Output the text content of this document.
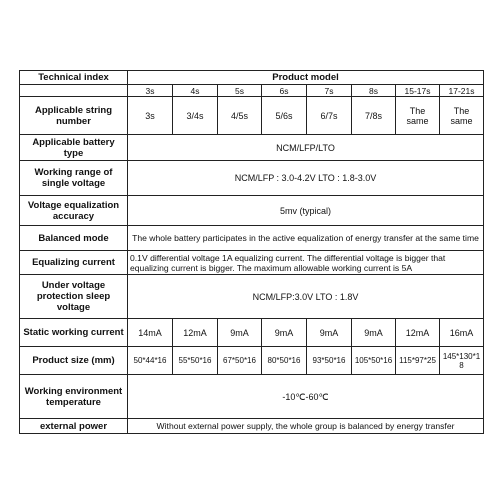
Technical index	Product model							
	3s	4s	5s	6s	7s	8s	15-17s	17-21s
Applicable string number	3s	3/4s	4/5s	5/6s	6/7s	7/8s	The same	The same
Applicable battery type	NCM/LFP/LTO							
Working range of single voltage	NCM/LFP : 3.0-4.2V LTO : 1.8-3.0V							
Voltage equalization accuracy	5mv (typical)							
Balanced mode	The whole battery participates in the active equalization of energy transfer at the same time							
Equalizing current	0.1V differential voltage 1A equalizing current. The differential voltage is bigger that equalizing current is bigger. The maximum allowable working current is 5A							
Under voltage protection sleep voltage	NCM/LFP:3.0V LTO : 1.8V							
Static working current	14mA	12mA	9mA	9mA	9mA	9mA	12mA	16mA
Product size (mm)	50*44*16	55*50*16	67*50*16	80*50*16	93*50*16	105*50*16	115*97*25	145*130*18
Working environment temperature	-10℃-60℃							
external power	Without external power supply, the whole group is balanced by energy transfer							
